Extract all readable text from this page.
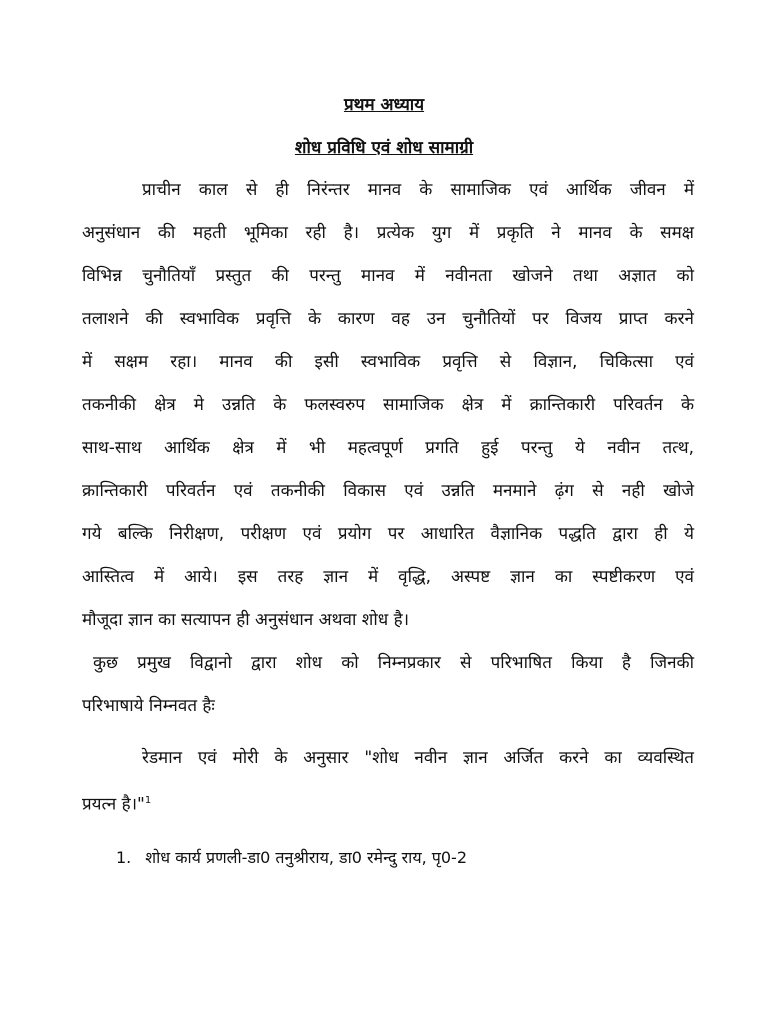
प्रथम अध्याय
शोध प्रविधि एवं शोध सामाग्री
प्राचीन काल से ही निरंन्तर मानव के सामाजिक एवं आर्थिक जीवन में
अनुसंधान की महती भूमिका रही है। प्रत्येक युग में प्रकृति ने मानव के समक्ष
विभिन्न चुनौतियाँ प्रस्तुत की परन्तु मानव में नवीनता खोजने तथा अज्ञात को
तलाशने की स्वभाविक प्रवृत्ति के कारण वह उन चुनौतियों पर विजय प्राप्त करने
में सक्षम रहा। मानव की इसी स्वभाविक प्रवृत्ति से विज्ञान, चिकित्सा एवं
तकनीकी क्षेत्र मे उन्नति के फलस्वरुप सामाजिक क्षेत्र में क्रान्तिकारी परिवर्तन के
साथ-साथ आर्थिक क्षेत्र में भी महत्वपूर्ण प्रगति हुई परन्तु ये नवीन तत्थ,
क्रान्तिकारी परिवर्तन एवं तकनीकी विकास एवं उन्नति मनमाने ढ़ंग से नही खोजे
गये बल्कि निरीक्षण, परीक्षण एवं प्रयोग पर आधारित वैज्ञानिक पद्धति द्वारा ही ये
आस्तित्व में आये। इस तरह ज्ञान में वृद्धि, अस्पष्ट ज्ञान का स्पष्टीकरण एवं
मौजूदा ज्ञान का सत्यापन ही अनुसंधान अथवा शोध है।
कुछ प्रमुख विद्वानो द्वारा शोध को निम्नप्रकार से परिभाषित किया है जिनकी
परिभाषाये निम्नवत हैः
रेडमान एवं मोरी के अनुसार "शोध नवीन ज्ञान अर्जित करने का व्यवस्थित
प्रयत्न है।"$^1$
1. शोध कार्य प्रणली-डा0 तनुश्रीराय, डा0 रमेन्दु राय, पृ0-2
